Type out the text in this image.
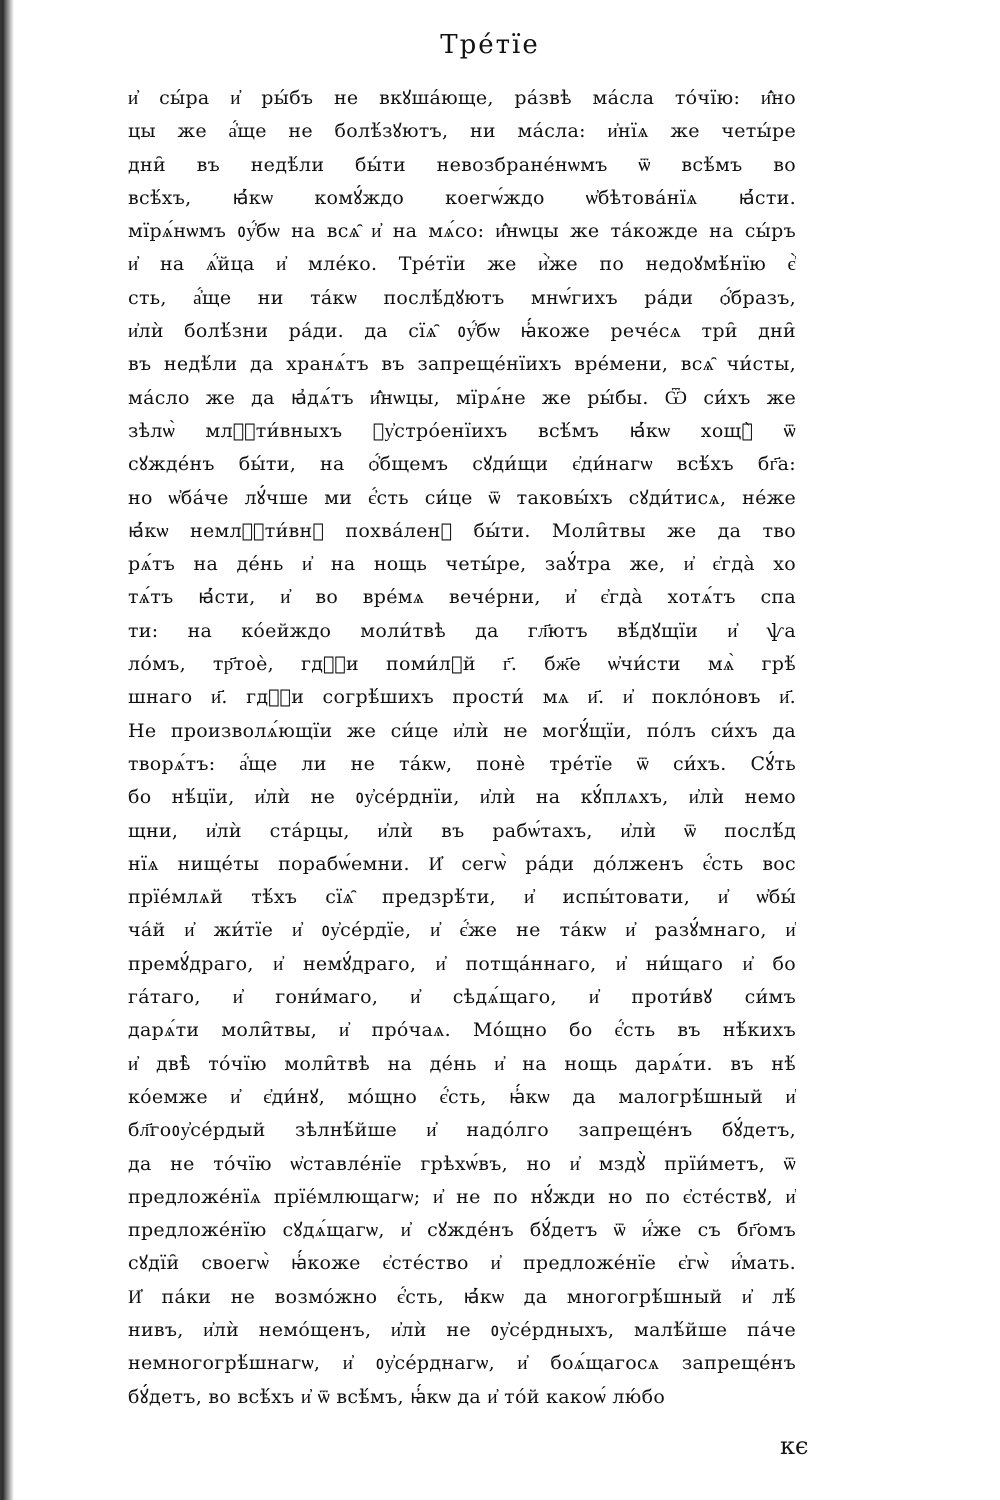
Тре́тїе
и҆ сы́ра и҆ ры́бъ не вкꙋша́юще, ра́звѣ ма́сла то́чїю: и҆̑но
цы же а҆́ще не болѣ́зꙋютъ, ни ма́сла: и҆нїѧ же четы́ре
дни̑ въ недѣ́ли бы́ти невозбране́нѡмъ ѿ всѣ́мъ во
всѣ́хъ, ꙗ҆́кѡ комꙋ́ждо коегѡ́ждо ѡ҆бѣтова́нїѧ ꙗ҆́сти.
мїрѧ́нѡмъ ᲂу҆́бѡ на всѧ̑ и҆ на мѧ́со: и҆̑нѡцы же та́кожде на сы́ръ
и҆ на ѧ҆́йца и҆ мле́ко. Тре́тїи же и҆̀же по недоꙋмѣ́нїю є҆̀
сть, а҆́ще ни та́кѡ послѣ́дꙋютъ мнѡ́гихъ ра́ди ѻ҆́бразъ,
и҆лѝ болѣ́зни ра́ди. да сїѧ̑ ᲂу҆́бѡ ꙗ҆́коже рече́сѧ три̑ дни̑
въ недѣ́ли да хранѧ́тъ въ запреще́нїихъ вре́мени, всѧ̑ чи́сты,
ма́сло же да ꙗ҆дѧ́тъ и҆̑нѡцы, мїрѧ́не же ры́бы. Ѿ си́хъ же
зѣлѡ̀ млⷭ҇ти́вныхъ ᲂу҆стро́енїихъ всѣ́мъ ꙗ҆́кѡ хощꙋ̀ ѿ
сꙋжде́нъ бы́ти, на ѻ҆́бщемъ сꙋди́щи є҆ди́нагѡ всѣ́хъ бг҃а:
но ѡ҆ба́че лꙋ́чше ми є҆́сть си́це ѿ таковы́хъ сꙋди́тисѧ, не́же
ꙗ҆́кѡ немлⷭ҇ти́внꙋ похва́ленꙋ бы́ти. Моли̑твы же да тво
рѧ́тъ на де́нь и҆ на нощь четы́ре, заꙋ́тра же, и҆ є҆гда̀ хо
тѧ́тъ ꙗ҆́сти, и҆ во вре́мѧ вече́рни, и҆ є҆гда̀ хотѧ́тъ спа
ти: на ко́ейждо моли́твѣ да гл҃ютъ вѣ́дꙋщїи и҆ ѱа
ло́мъ, тр҃тоѐ, гдⷭ҇и поми́лꙋй г҃. бж҃е ѡ҆чи́сти мѧ̀ грѣ́
шнаго и҃. гдⷭ҇и согрѣ́шихъ прости́ мѧ и҃. и҆ покло́новъ и҃.
Не произволѧ́ющїи же си́це и҆лѝ не могꙋ́щїи, по́лъ си́хъ да
творѧ́тъ: а҆́ще ли не та́кѡ, понѐ тре́тїе ѿ си́хъ. Сꙋ́ть
бо нѣ́цїи, и҆лѝ не ᲂу҆се́рднїи, и҆лѝ на кꙋ́плѧхъ, и҆лѝ немо
щни, и҆лѝ ста́рцы, и҆лѝ въ рабѡ́тахъ, и҆лѝ ѿ послѣ́д
нїѧ нище́ты порабѡ́емни. И҆ сегѡ̀ ра́ди до́лженъ є҆́сть вос
прїе́млѧй тѣ́хъ сїѧ̑ предзрѣ́ти, и҆ испы́товати, и҆ ѡ҆бы́
ча́й и҆ жи́тїе и҆ ᲂу҆се́рдїе, и҆ є҆́же не та́кѡ и҆ разꙋ́мнаго, и҆
премꙋ́драго, и҆ немꙋ́драго, и҆ потща́ннаго, и҆ ни́щаго и҆ бо
га́таго, и҆ гони́маго, и҆ сѣдѧ́щаго, и҆ проти́вꙋ си́мъ
дарѧ́ти моли̑твы, и҆ про́чаѧ. Мо́щно бо є҆́сть въ нѣ́кихъ
и҆ двѣ̀ то́чїю моли̑твѣ на де́нь и҆ на нощь дарѧ́ти. въ нѣ́
ко́емже и҆ є҆ди́нꙋ, мо́щно є҆́сть, ꙗ҆́кѡ да малогрѣ́шный и҆
бл҃гоᲂу҆се́рдый зѣлнѣ́йше и҆ надо́лго запреще́нъ бꙋ́детъ,
да не то́чїю ѡ҆ставле́нїе грѣхѡ́въ, но и҆ мздꙋ̀ прїи́метъ, ѿ
предложе́нїѧ прїе́млющагѡ; и҆ не по нꙋ́жди но по є҆сте́ствꙋ, и҆
предложе́нїю сꙋдѧ́щагѡ, и҆ сꙋжде́нъ бꙋ́детъ ѿ и҆́же съ бг҃омъ
сꙋдїи̑ своегѡ̀ ꙗ҆́коже є҆сте́ство и҆ предложе́нїе є҆гѡ̀ и҆́мать.
И҆ па́ки не возмо́жно є҆́сть, ꙗ҆́кѡ да многогрѣ́шный и҆ лѣ́
нивъ, и҆лѝ немо́щенъ, и҆лѝ не ᲂу҆се́рдныхъ, малѣ́йше па́че
немногогрѣ́шнагѡ, и҆ ᲂу҆се́рднагѡ, и҆ боѧ́щагосѧ запреще́нъ
бꙋ́детъ, во всѣ́хъ и҆ ѿ всѣ́мъ, ꙗ҆́кѡ да и҆ то́й какоѡ́ лю́бо
кє
